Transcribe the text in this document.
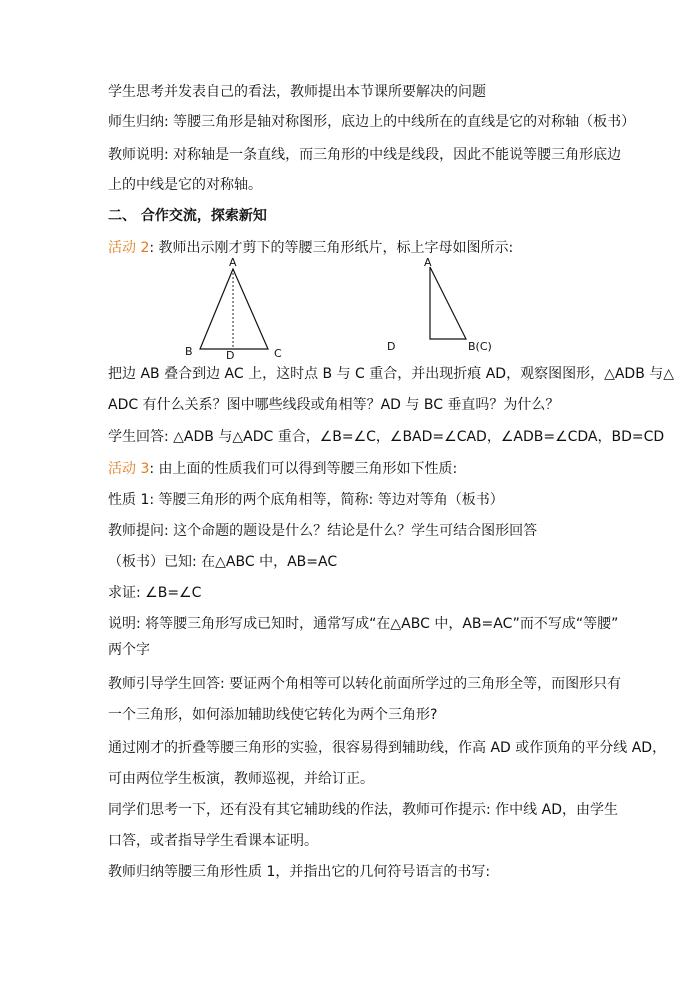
学生思考并发表自己的看法，教师提出本节课所要解决的问题
师生归纳: 等腰三角形是轴对称图形，底边上的中线所在的直线是它的对称轴（板书）
教师说明: 对称轴是一条直线，而三角形的中线是线段，因此不能说等腰三角形底边
上的中线是它的对称轴。
二、 合作交流，探索新知
活动 2: 教师出示刚才剪下的等腰三角形纸片，标上字母如图所示:
A
B	D	C
A
D	B(C)
把边 AB 叠合到边 AC 上，这时点 B 与 C 重合，并出现折痕 AD，观察图图形，△ADB 与△
ADC 有什么关系？图中哪些线段或角相等？AD 与 BC 垂直吗？为什么？
学生回答: △ADB 与△ADC 重合，∠B=∠C，∠BAD=∠CAD，∠ADB=∠CDA，BD=CD
活动 3: 由上面的性质我们可以得到等腰三角形如下性质:
性质 1: 等腰三角形的两个底角相等，简称: 等边对等角（板书）
教师提问: 这个命题的题设是什么？结论是什么？学生可结合图形回答
（板书）已知: 在△ABC 中，AB=AC
求证: ∠B=∠C
说明: 将等腰三角形写成已知时，通常写成“在△ABC 中，AB=AC”而不写成“等腰”
两个字
教师引导学生回答: 要证两个角相等可以转化前面所学过的三角形全等，而图形只有
一个三角形，如何添加辅助线使它转化为两个三角形?
通过刚才的折叠等腰三角形的实验，很容易得到辅助线，作高 AD 或作顶角的平分线 AD，
可由两位学生板演，教师巡视，并给订正。
同学们思考一下，还有没有其它辅助线的作法，教师可作提示: 作中线 AD，由学生
口答，或者指导学生看课本证明。
教师归纳等腰三角形性质 1，并指出它的几何符号语言的书写:
